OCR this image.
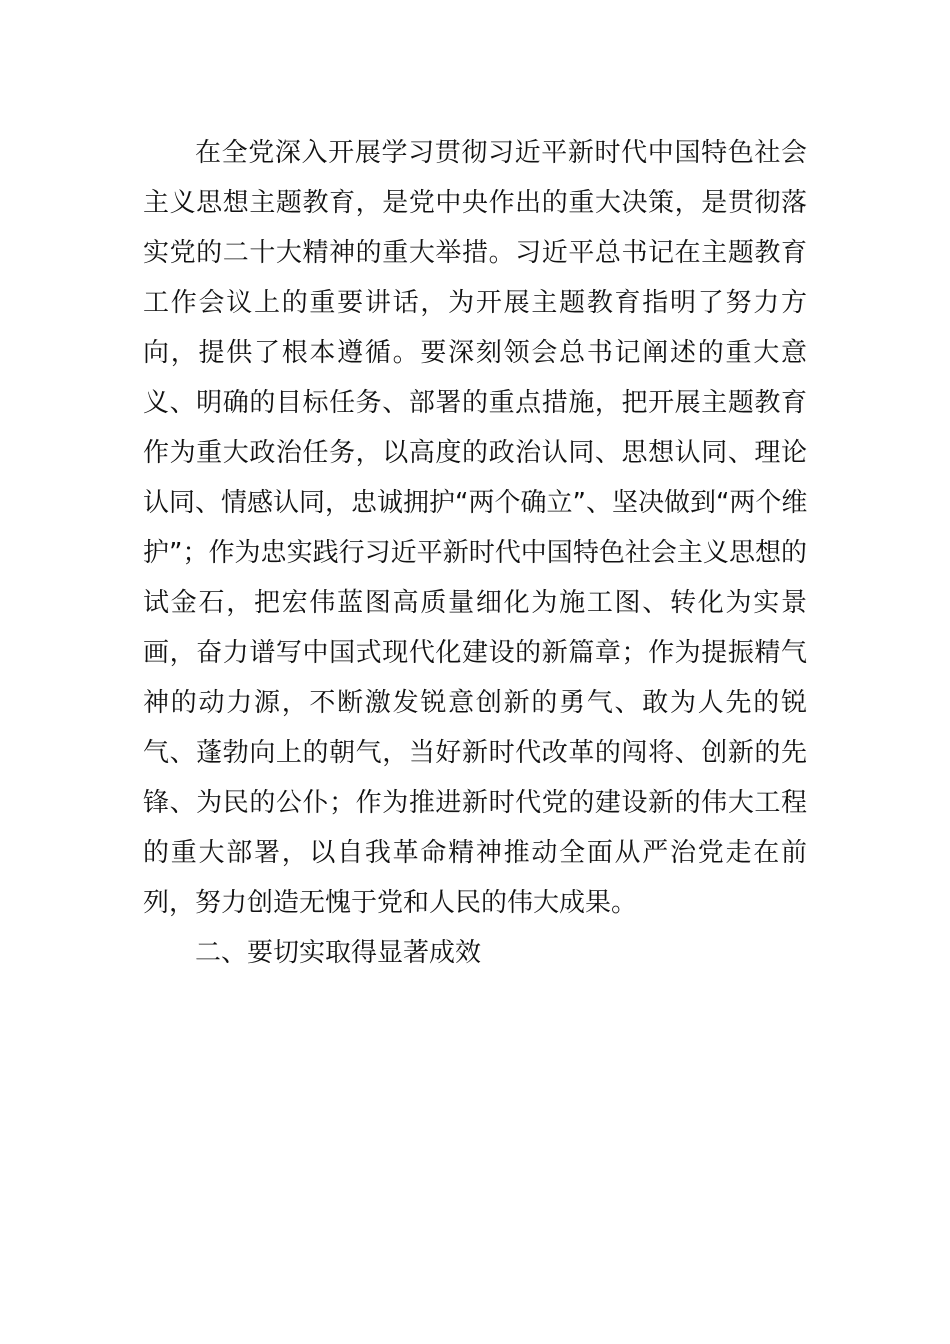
在全党深入开展学习贯彻习近平新时代中国特色社会
主义思想主题教育，是党中央作出的重大决策，是贯彻落
实党的二十大精神的重大举措。习近平总书记在主题教育
工作会议上的重要讲话，为开展主题教育指明了努力方
向，提供了根本遵循。要深刻领会总书记阐述的重大意
义、明确的目标任务、部署的重点措施，把开展主题教育
作为重大政治任务，以高度的政治认同、思想认同、理论
认同、情感认同，忠诚拥护“两个确立”、坚决做到“两个维
护”；作为忠实践行习近平新时代中国特色社会主义思想的
试金石，把宏伟蓝图高质量细化为施工图、转化为实景
画，奋力谱写中国式现代化建设的新篇章；作为提振精气
神的动力源，不断激发锐意创新的勇气、敢为人先的锐
气、蓬勃向上的朝气，当好新时代改革的闯将、创新的先
锋、为民的公仆；作为推进新时代党的建设新的伟大工程
的重大部署，以自我革命精神推动全面从严治党走在前
列，努力创造无愧于党和人民的伟大成果。
二、要切实取得显著成效
